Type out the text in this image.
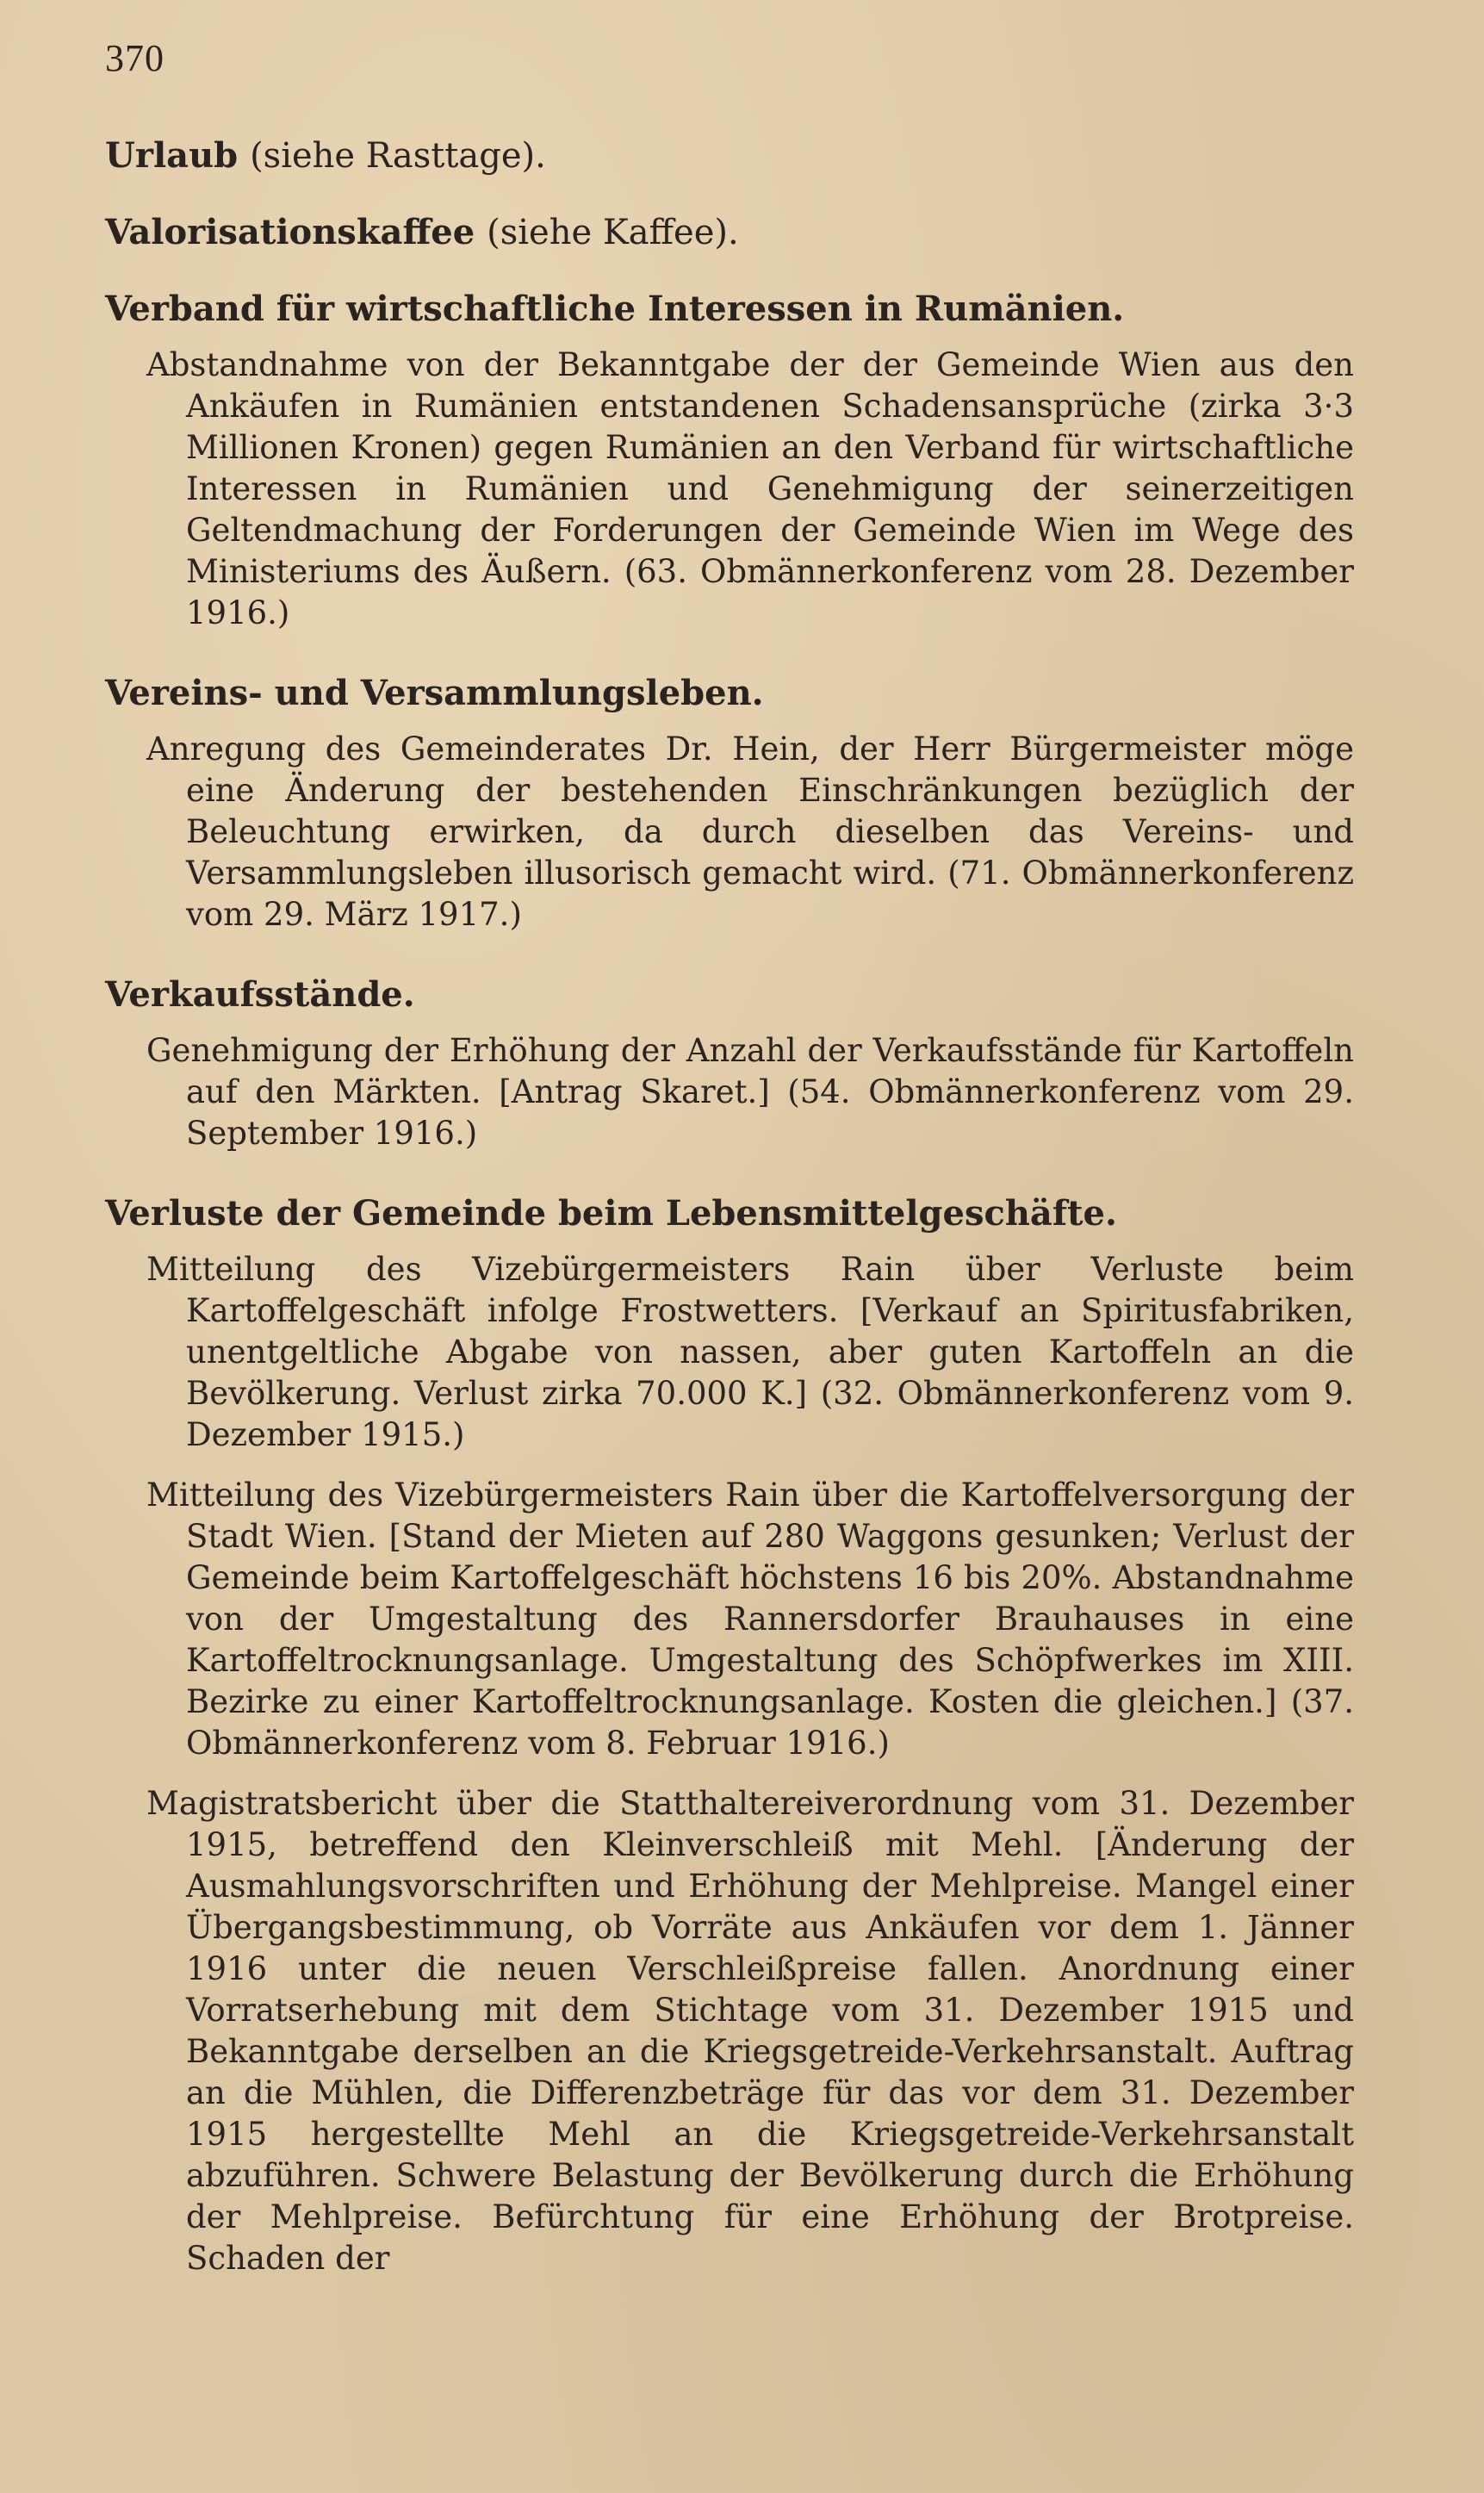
370

Urlaub (siehe Rasttage).

Valorisationskaffee (siehe Kaffee).

Verband für wirtschaftliche Interessen in Rumänien.

Abstandnahme von der Bekanntgabe der der Gemeinde Wien aus den Ankäufen in Rumänien entstandenen Schadensansprüche (zirka 3·3 Millionen Kronen) gegen Rumänien an den Verband für wirtschaftliche Interessen in Rumänien und Genehmigung der seinerzeitigen Geltendmachung der Forderungen der Gemeinde Wien im Wege des Ministeriums des Äußern. (63. Obmännerkonferenz vom 28. Dezember 1916.)

Vereins- und Versammlungsleben.

Anregung des Gemeinderates Dr. Hein, der Herr Bürgermeister möge eine Änderung der bestehenden Einschränkungen bezüglich der Beleuchtung erwirken, da durch dieselben das Vereins- und Versammlungsleben illusorisch gemacht wird. (71. Obmännerkonferenz vom 29. März 1917.)

Verkaufsstände.

Genehmigung der Erhöhung der Anzahl der Verkaufsstände für Kartoffeln auf den Märkten. [Antrag Skaret.] (54. Obmännerkonferenz vom 29. September 1916.)

Verluste der Gemeinde beim Lebensmittelgeschäfte.

Mitteilung des Vizebürgermeisters Rain über Verluste beim Kartoffelgeschäft infolge Frostwetters. [Verkauf an Spiritusfabriken, unentgeltliche Abgabe von nassen, aber guten Kartoffeln an die Bevölkerung. Verlust zirka 70.000 K.] (32. Obmännerkonferenz vom 9. Dezember 1915.)

Mitteilung des Vizebürgermeisters Rain über die Kartoffelversorgung der Stadt Wien. [Stand der Mieten auf 280 Waggons gesunken; Verlust der Gemeinde beim Kartoffelgeschäft höchstens 16 bis 20%. Abstandnahme von der Umgestaltung des Rannersdorfer Brauhauses in eine Kartoffeltrocknungsanlage. Umgestaltung des Schöpfwerkes im XIII. Bezirke zu einer Kartoffeltrocknungsanlage. Kosten die gleichen.] (37. Obmännerkonferenz vom 8. Februar 1916.)

Magistratsbericht über die Statthaltereiverordnung vom 31. Dezember 1915, betreffend den Kleinverschleiß mit Mehl. [Änderung der Ausmahlungsvorschriften und Erhöhung der Mehlpreise. Mangel einer Übergangsbestimmung, ob Vorräte aus Ankäufen vor dem 1. Jänner 1916 unter die neuen Verschleißpreise fallen. Anordnung einer Vorratserhebung mit dem Stichtage vom 31. Dezember 1915 und Bekanntgabe derselben an die Kriegsgetreide-Verkehrsanstalt. Auftrag an die Mühlen, die Differenzbeträge für das vor dem 31. Dezember 1915 hergestellte Mehl an die Kriegsgetreide-Verkehrsanstalt abzuführen. Schwere Belastung der Bevölkerung durch die Erhöhung der Mehlpreise. Befürchtung für eine Erhöhung der Brotpreise. Schaden der
